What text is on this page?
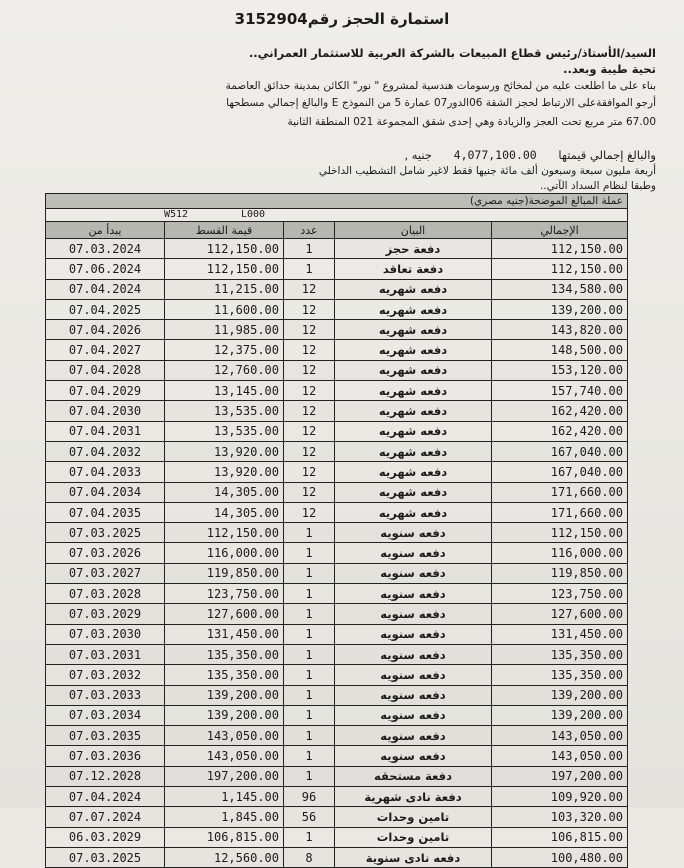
استمارة الحجز رقم3152904
السيد/الأستاذ/رئيس قطاع المبيعات بالشركة العربية للاستثمار العمراني..
تحية طيبة وبعد..
بناء على ما اطلعت عليه من لمخائح ورسومات هندسية لمشروع " نور" الكائن بمدينة حدائق العاصمة
أرجو الموافقةعلى الارتباط لحجز الشقة 06الدور07 عمارة 5 من النموذج E والبالغ إجمالي مسطحها
67.00 متر مربع تحت العجز والزيادة وهي إحدى شقق المجموعة 021 المنطقة الثانية
والبالغ إجمالي قيمتها 4,077,100.00 جنيه ,
أربعة مليون سبعة وسبعون ألف مائة جنيها فقط لاغير شامل التشطيب الداخلي
وطبقا لنظام السداد الآتي..
عملة المبالغ الموضحة(جنيه مصري)
W512	L000
يبدأ من	قيمة القسط	عدد	البيان	الإجمالي
07.03.2024	112,150.00	1	دفعة حجز	112,150.00
07.06.2024	112,150.00	1	دفعة تعاقد	112,150.00
07.04.2024	11,215.00	12	دفعه شهريه	134,580.00
07.04.2025	11,600.00	12	دفعه شهريه	139,200.00
07.04.2026	11,985.00	12	دفعه شهريه	143,820.00
07.04.2027	12,375.00	12	دفعه شهريه	148,500.00
07.04.2028	12,760.00	12	دفعه شهريه	153,120.00
07.04.2029	13,145.00	12	دفعه شهريه	157,740.00
07.04.2030	13,535.00	12	دفعه شهريه	162,420.00
07.04.2031	13,535.00	12	دفعه شهريه	162,420.00
07.04.2032	13,920.00	12	دفعه شهريه	167,040.00
07.04.2033	13,920.00	12	دفعه شهريه	167,040.00
07.04.2034	14,305.00	12	دفعه شهريه	171,660.00
07.04.2035	14,305.00	12	دفعه شهريه	171,660.00
07.03.2025	112,150.00	1	دفعه سنويه	112,150.00
07.03.2026	116,000.00	1	دفعه سنويه	116,000.00
07.03.2027	119,850.00	1	دفعه سنويه	119,850.00
07.03.2028	123,750.00	1	دفعه سنويه	123,750.00
07.03.2029	127,600.00	1	دفعه سنويه	127,600.00
07.03.2030	131,450.00	1	دفعه سنويه	131,450.00
07.03.2031	135,350.00	1	دفعه سنويه	135,350.00
07.03.2032	135,350.00	1	دفعه سنويه	135,350.00
07.03.2033	139,200.00	1	دفعه سنويه	139,200.00
07.03.2034	139,200.00	1	دفعه سنويه	139,200.00
07.03.2035	143,050.00	1	دفعه سنويه	143,050.00
07.03.2036	143,050.00	1	دفعه سنويه	143,050.00
07.12.2028	197,200.00	1	دفعة مستحقه	197,200.00
07.04.2024	1,145.00	96	دفعة نادى شهرية	109,920.00
07.07.2024	1,845.00	56	تامين وحدات	103,320.00
06.03.2029	106,815.00	1	تامين وحدات	106,815.00
07.03.2025	12,560.00	8	دفعه نادى سنوية	100,480.00
